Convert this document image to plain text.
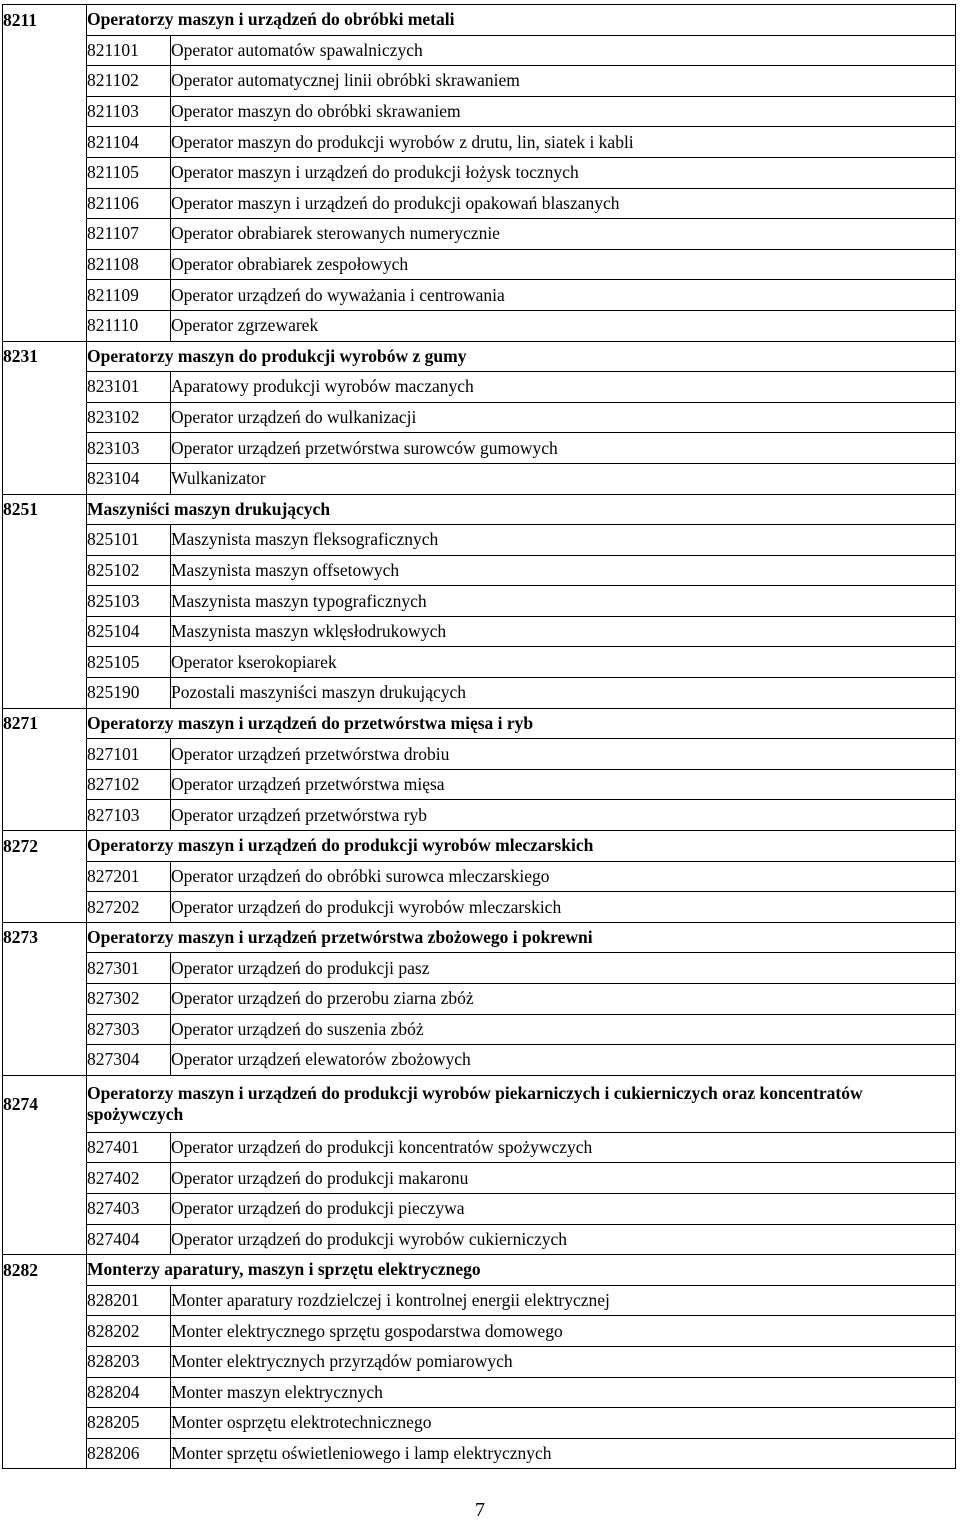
8211	Operatorzy maszyn i urządzeń do obróbki metali	
	821101	Operator automatów spawalniczych
	821102	Operator automatycznej linii obróbki skrawaniem
	821103	Operator maszyn do obróbki skrawaniem
	821104	Operator maszyn do produkcji wyrobów z drutu, lin, siatek i kabli
	821105	Operator maszyn i urządzeń do produkcji łożysk tocznych
	821106	Operator maszyn i urządzeń do produkcji opakowań blaszanych
	821107	Operator obrabiarek sterowanych numerycznie
	821108	Operator obrabiarek zespołowych
	821109	Operator urządzeń do wyważania i centrowania
	821110	Operator zgrzewarek
8231	Operatorzy maszyn do produkcji wyrobów z gumy	
	823101	Aparatowy produkcji wyrobów maczanych
	823102	Operator urządzeń do wulkanizacji
	823103	Operator urządzeń przetwórstwa surowców gumowych
	823104	Wulkanizator
8251	Maszyniści maszyn drukujących	
	825101	Maszynista maszyn fleksograficznych
	825102	Maszynista maszyn offsetowych
	825103	Maszynista maszyn typograficznych
	825104	Maszynista maszyn wklęsłodrukowych
	825105	Operator kserokopiarek
	825190	Pozostali maszyniści maszyn drukujących
8271	Operatorzy maszyn i urządzeń do przetwórstwa mięsa i ryb	
	827101	Operator urządzeń przetwórstwa drobiu
	827102	Operator urządzeń przetwórstwa mięsa
	827103	Operator urządzeń przetwórstwa ryb
8272	Operatorzy maszyn i urządzeń do produkcji wyrobów mleczarskich	
	827201	Operator urządzeń do obróbki surowca mleczarskiego
	827202	Operator urządzeń do produkcji wyrobów mleczarskich
8273	Operatorzy maszyn i urządzeń przetwórstwa zbożowego i pokrewni	
	827301	Operator urządzeń do produkcji pasz
	827302	Operator urządzeń do przerobu ziarna zbóż
	827303	Operator urządzeń do suszenia zbóż
	827304	Operator urządzeń elewatorów zbożowych
8274	Operatorzy maszyn i urządzeń do produkcji wyrobów piekarniczych i cukierniczych oraz koncentratów spożywczych	
	827401	Operator urządzeń do produkcji koncentratów spożywczych
	827402	Operator urządzeń do produkcji makaronu
	827403	Operator urządzeń do produkcji pieczywa
	827404	Operator urządzeń do produkcji wyrobów cukierniczych
8282	Monterzy aparatury, maszyn i sprzętu elektrycznego	
	828201	Monter aparatury rozdzielczej i kontrolnej energii elektrycznej
	828202	Monter elektrycznego sprzętu gospodarstwa domowego
	828203	Monter elektrycznych przyrządów pomiarowych
	828204	Monter maszyn elektrycznych
	828205	Monter osprzętu elektrotechnicznego
	828206	Monter sprzętu oświetleniowego i lamp elektrycznych
7
